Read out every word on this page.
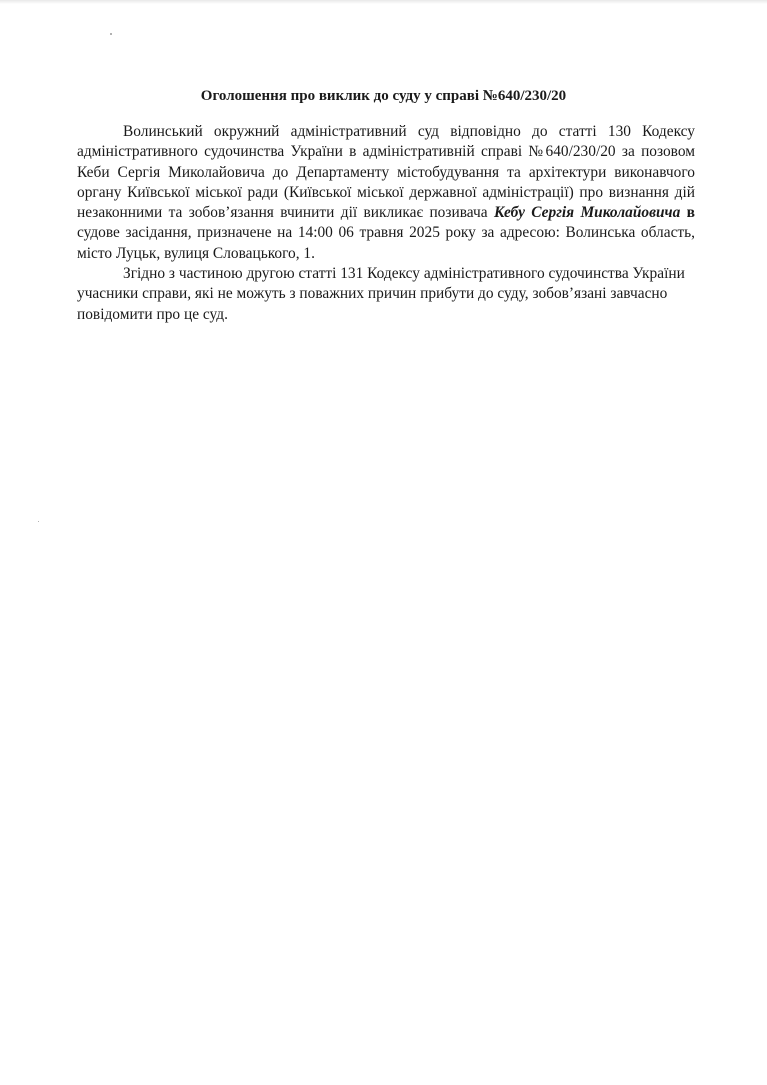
Оголошення про виклик до суду у справі №640/230/20

Волинський окружний адміністративний суд відповідно до статті 130 Кодексу адміністративного судочинства України в адміністративній справі №640/230/20 за позовом Кеби Сергія Миколайовича до Департаменту містобудування та архітектури виконавчого органу Київської міської ради (Київської міської державної адміністрації) про визнання дій незаконними та зобов’язання вчинити дії викликає позивача Кебу Сергія Миколайовича в судове засідання, призначене на 14:00 06 травня 2025 року за адресою: Волинська область, місто Луцьк, вулиця Словацького, 1.

Згідно з частиною другою статті 131 Кодексу адміністративного судочинства України учасники справи, які не можуть з поважних причин прибути до суду, зобов’язані завчасно повідомити про це суд.
